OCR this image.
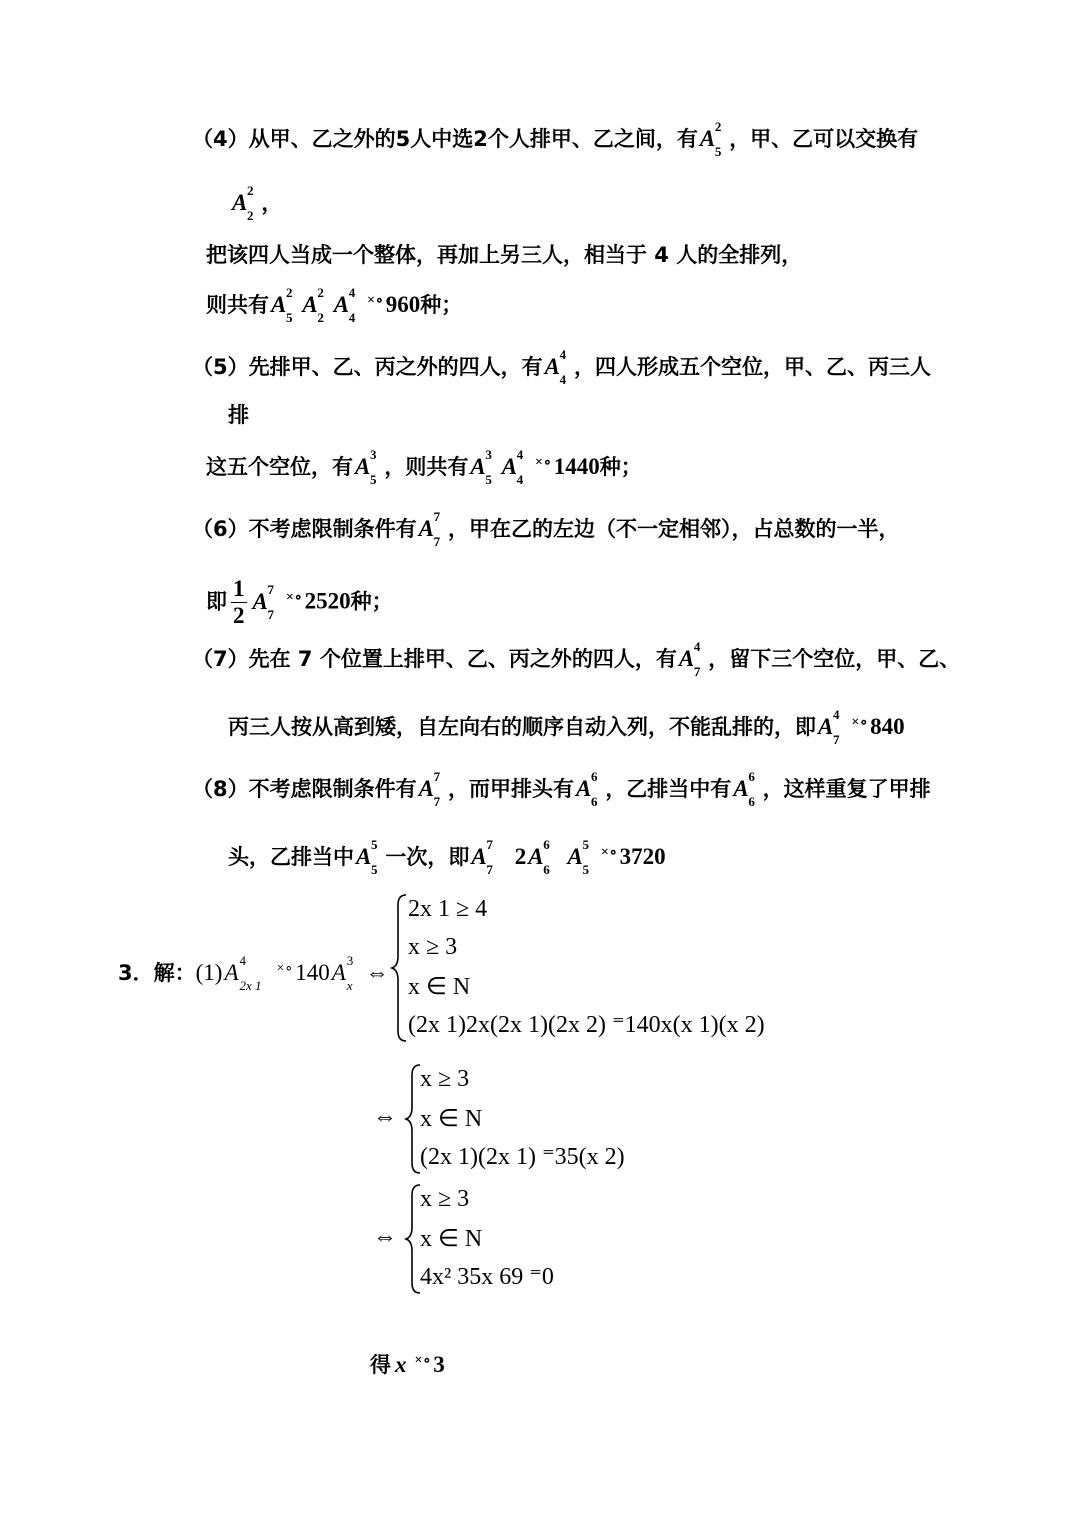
（4）从甲、乙之外的5人中选2个人排甲、乙之间，有A 2
5
，甲、乙可以交换有
A 2
2
，
把该四人当成一个整体，再加上另三人，相当于 4 人的全排列，
则共有A 2
5
A 2
2
A 4
4
×∘960种；
（5）先排甲、乙、丙之外的四人，有A 4
4
，四人形成五个空位，甲、乙、丙三人
排
这五个空位，有A 3
5
，则共有A 3
5
A 4
4
×∘1440种；
（6）不考虑限制条件有A 7
7
，甲在乙的左边（不一定相邻），占总数的一半，
即 $\frac{1}{2}$ A 7
7
×∘2520种；
（7）先在 7 个位置上排甲、乙、丙之外的四人，有A 4
7
，留下三个空位，甲、乙、
丙三人按从高到矮，自左向右的顺序自动入列，不能乱排的，即A 4
7
×∘840
（8）不考虑限制条件有A 7
7
，而甲排头有A 6
6
，乙排当中有A 6
6
，这样重复了甲排
头，乙排当中A 5
5
一次，即A 7
7
2A 6
6
A 5
5
×∘3720
3．解：(1)A 4
2x 1
×∘140A 3
x
⇔
2x 1 ≥ 4
x ≥ 3
x ∈ N
(2x 1)2x(2x 1)(2x 2) ⁼140x(x 1)(x 2)
⇔
x ≥ 3
x ∈ N
(2x 1)(2x 1) ⁼35(x 2)
⇔
x ≥ 3
x ∈ N
4x² 35x 69 ⁼0
得 x ×∘3
